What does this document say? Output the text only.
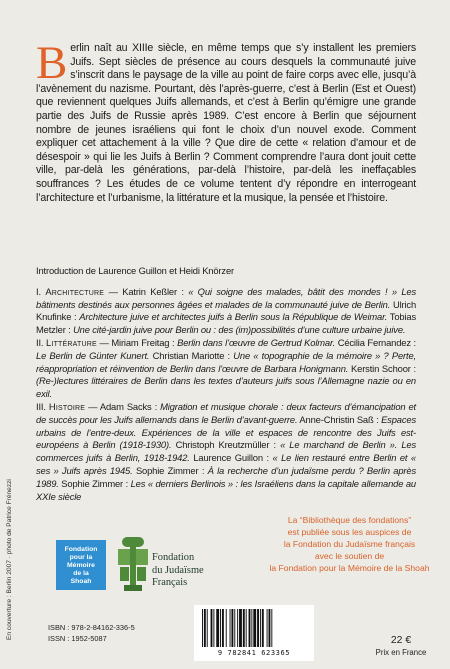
Berlin naît au XIIIe siècle, en même temps que s’y installent les premiers Juifs. Sept siècles de présence au cours desquels la communauté juive s’inscrit dans le paysage de la ville au point de faire corps avec elle, jusqu’à l’avènement du nazisme. Pourtant, dès l’après-guerre, c’est à Berlin (Est et Ouest) que reviennent quelques Juifs allemands, et c’est à Berlin qu’émigre une grande partie des Juifs de Russie après 1989. C’est encore à Berlin que séjournent nombre de jeunes israéliens qui font le choix d’un nouvel exode. Comment expliquer cet attachement à la ville ? Que dire de cette « relation d’amour et de désespoir » qui lie les Juifs à Berlin ? Comment comprendre l’aura dont jouit cette ville, par-delà les générations, par-delà l’histoire, par-delà les ineffaçables souffrances ? Les études de ce volume tentent d’y répondre en interrogeant l’architecture et l’urbanisme, la littérature et la musique, la pensée et l’histoire.

Introduction de Laurence Guillon et Heidi Knörzer

I. Architecture — Katrin Keßler : « Qui soigne des malades, bâtit des mondes ! » Les bâtiments destinés aux personnes âgées et malades de la communauté juive de Berlin. Ulrich Knufinke : Architecture juive et architectes juifs à Berlin sous la République de Weimar. Tobias Metzler : Une cité-jardin juive pour Berlin ou : des (im)possibilités d’une culture urbaine juive.

II. Littérature — Miriam Freitag : Berlin dans l’œuvre de Gertrud Kolmar. Cécilia Fernandez : Le Berlin de Günter Kunert. Christian Mariotte : Une « topographie de la mémoire » ? Perte, réappropriation et réinvention de Berlin dans l’œuvre de Barbara Honigmann. Kerstin Schoor : (Re-)lectures littéraires de Berlin dans les textes d’auteurs juifs sous l’Allemagne nazie ou en exil.

III. Histoire — Adam Sacks : Migration et musique chorale : deux facteurs d’émancipation et de succès pour les Juifs allemands dans le Berlin d’avant-guerre. Anne-Christin Saß : Espaces urbains de l’entre-deux. Expériences de la ville et espaces de rencontre des Juifs est-européens à Berlin (1918-1930). Christoph Kreutzmüller : « Le marchand de Berlin ». Les commerces juifs à Berlin, 1918-1942. Laurence Guillon : « Le lien restauré entre Berlin et « ses » Juifs après 1945. Sophie Zimmer : À la recherche d’un judaïsme perdu ? Berlin après 1989. Sophie Zimmer : Les « derniers Berlinois » : les Israéliens dans la capitale allemande au XXIe siècle

En couverture : Berlin 2007 · photo de Patrice Frénezzi	Fondation
pour la
Mémoire
de la
Shoah
Fondation
du Judaïsme
Français
La “Bibliothèque des fondations”
est publiée sous les auspices de
la Fondation du Judaïsme français
avec le soutien de
la Fondation pour la Mémoire de la Shoah
ISBN : 978-2-84162-336-5
ISSN : 1952-5087
9 782841 623365
22 €
Prix en France
